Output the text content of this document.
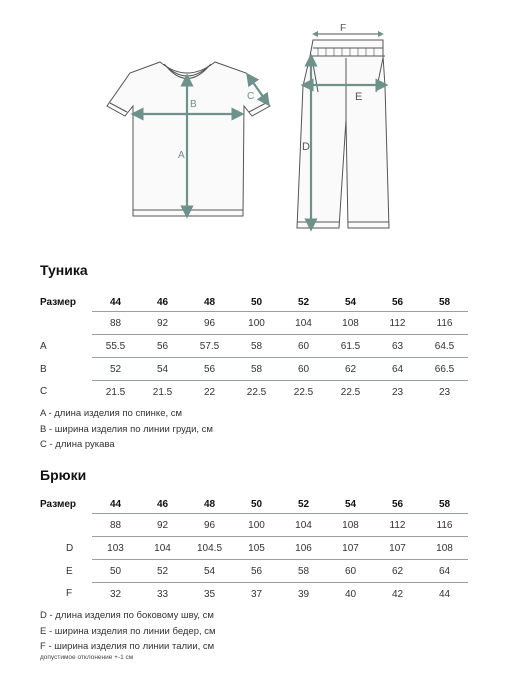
B
A
C
F
E
D
Туника
Размер	44	46	48	50	52	54	56	58
	88	92	96	100	104	108	112	116
A	55.5	56	57.5	58	60	61.5	63	64.5
B	52	54	56	58	60	62	64	66.5
C	21.5	21.5	22	22.5	22.5	22.5	23	23
A - длина изделия по спинке, см
B - ширина изделия по линии груди, см
C - длина рукава
Брюки
Размер	44	46	48	50	52	54	56	58
	88	92	96	100	104	108	112	116
D	103	104	104.5	105	106	107	107	108
E	50	52	54	56	58	60	62	64
F	32	33	35	37	39	40	42	44
D - длина изделия по боковому шву, см
E - ширина изделия по линии бедер, см
F - ширина изделия по линии талии, см
допустимое отклонение +-1 см
